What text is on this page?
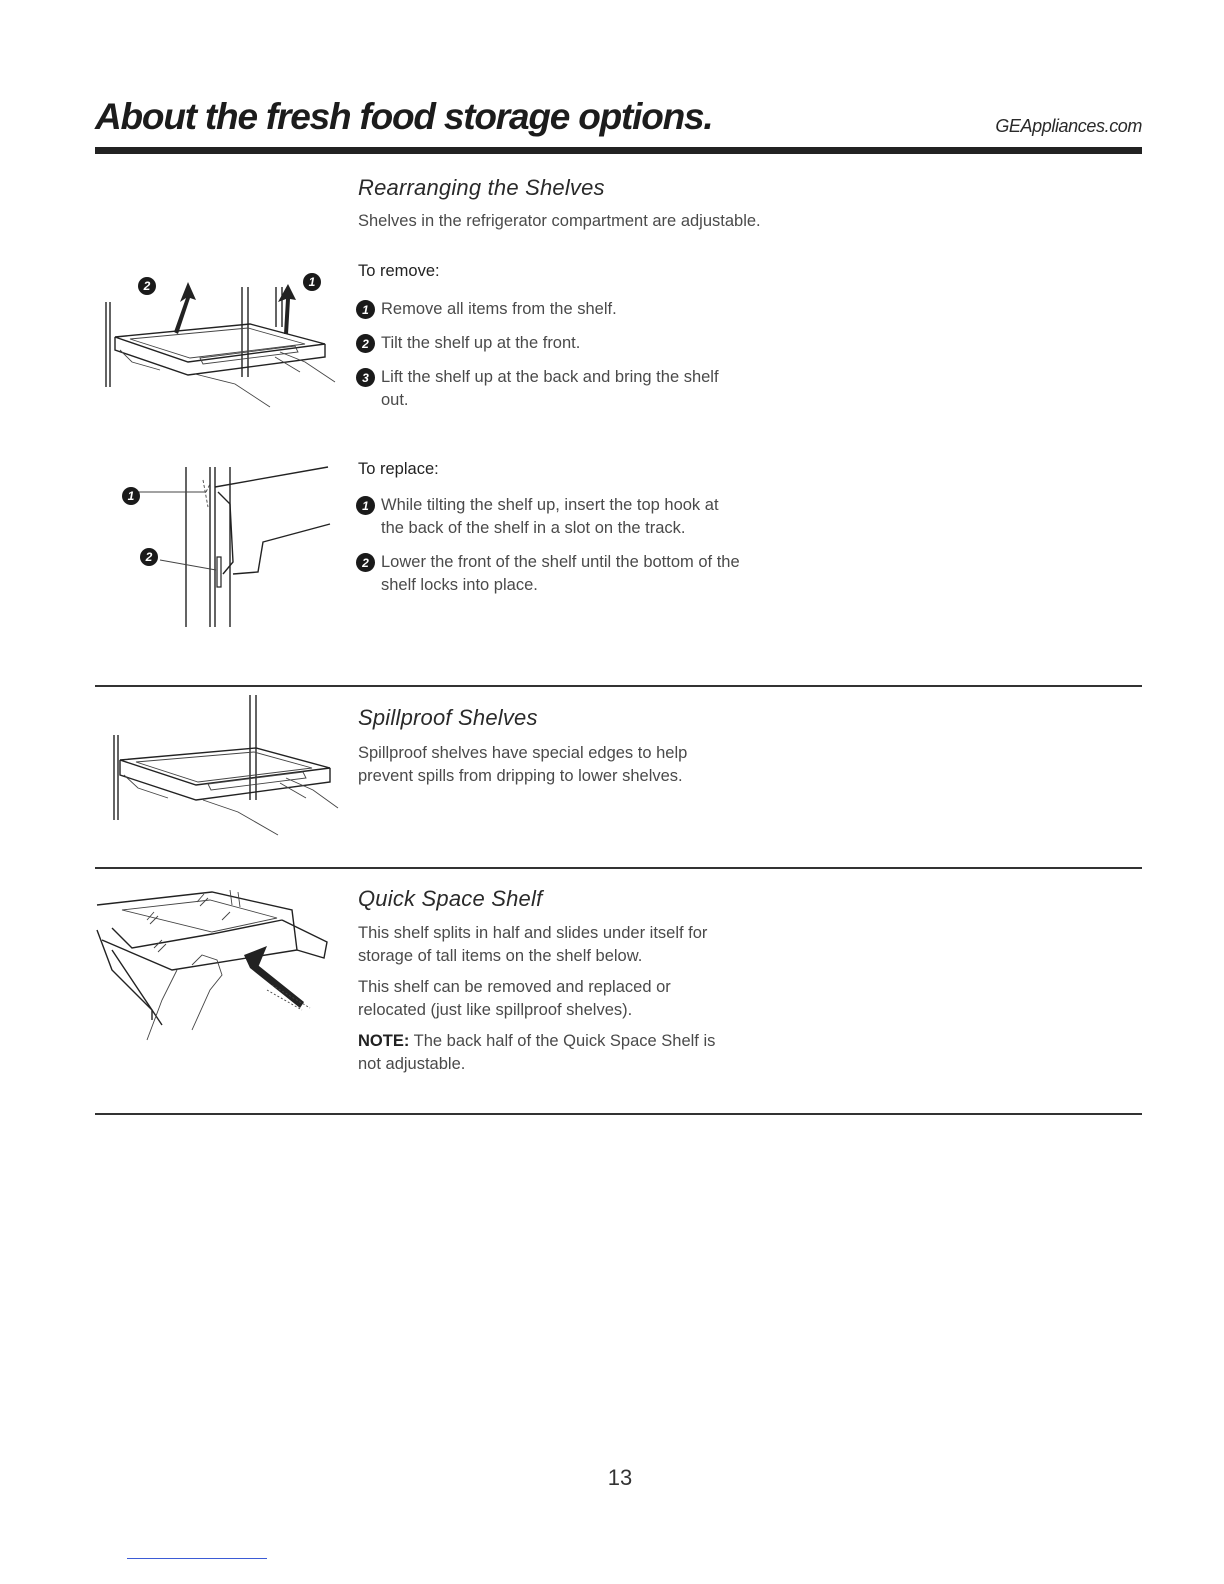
About the fresh food storage options.	GEAppliances.com
Rearranging the Shelves
Shelves in the refrigerator compartment are adjustable.
2	1
To remove:
1 Remove all items from the shelf.
2 Tilt the shelf up at the front.
3 Lift the shelf up at the back and bring the shelf out.
1
2
To replace:
1 While tilting the shelf up, insert the top hook at the back of the shelf in a slot on the track.
2 Lower the front of the shelf until the bottom of the shelf locks into place.
Spillproof Shelves
Spillproof shelves have special edges to help prevent spills from dripping to lower shelves.
Quick Space Shelf
This shelf splits in half and slides under itself for storage of tall items on the shelf below.
This shelf can be removed and replaced or relocated (just like spillproof shelves).
NOTE: The back half of the Quick Space Shelf is not adjustable.
13
